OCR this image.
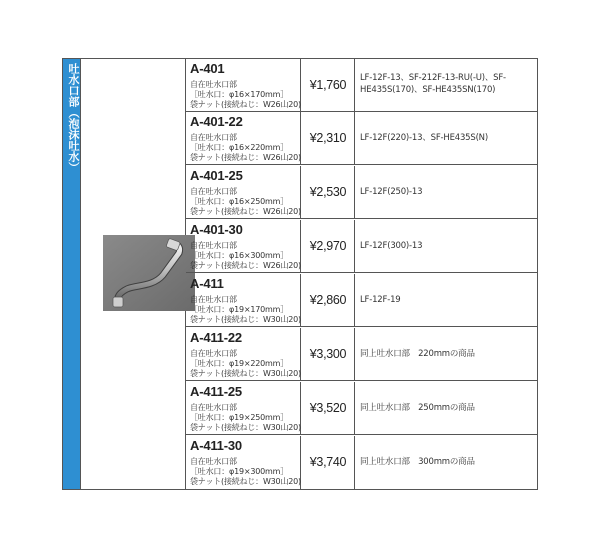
吐水口部（泡沫吐水）	A-401
自在吐水口部
［吐水口：φ16×170mm］
袋ナット(接続ねじ：W26山20)
¥1,760	LF-12F-13、SF-212F-13-RU(-U)、SF-HE435S(170)、SF-HE435SN(170)
A-401-22
自在吐水口部
［吐水口：φ16×220mm］
袋ナット(接続ねじ：W26山20)
¥2,310	LF-12F(220)-13、SF-HE435S(N)
A-401-25
自在吐水口部
［吐水口：φ16×250mm］
袋ナット(接続ねじ：W26山20)
¥2,530	LF-12F(250)-13
A-401-30
自在吐水口部
［吐水口：φ16×300mm］
袋ナット(接続ねじ：W26山20)
¥2,970	LF-12F(300)-13
A-411
自在吐水口部
［吐水口：φ19×170mm］
袋ナット(接続ねじ：W30山20)
¥2,860	LF-12F-19
A-411-22
自在吐水口部
［吐水口：φ19×220mm］
袋ナット(接続ねじ：W30山20)
¥3,300	同上吐水口部　220mmの商品
A-411-25
自在吐水口部
［吐水口：φ19×250mm］
袋ナット(接続ねじ：W30山20)
¥3,520	同上吐水口部　250mmの商品
A-411-30
自在吐水口部
［吐水口：φ19×300mm］
袋ナット(接続ねじ：W30山20)
¥3,740	同上吐水口部　300mmの商品
